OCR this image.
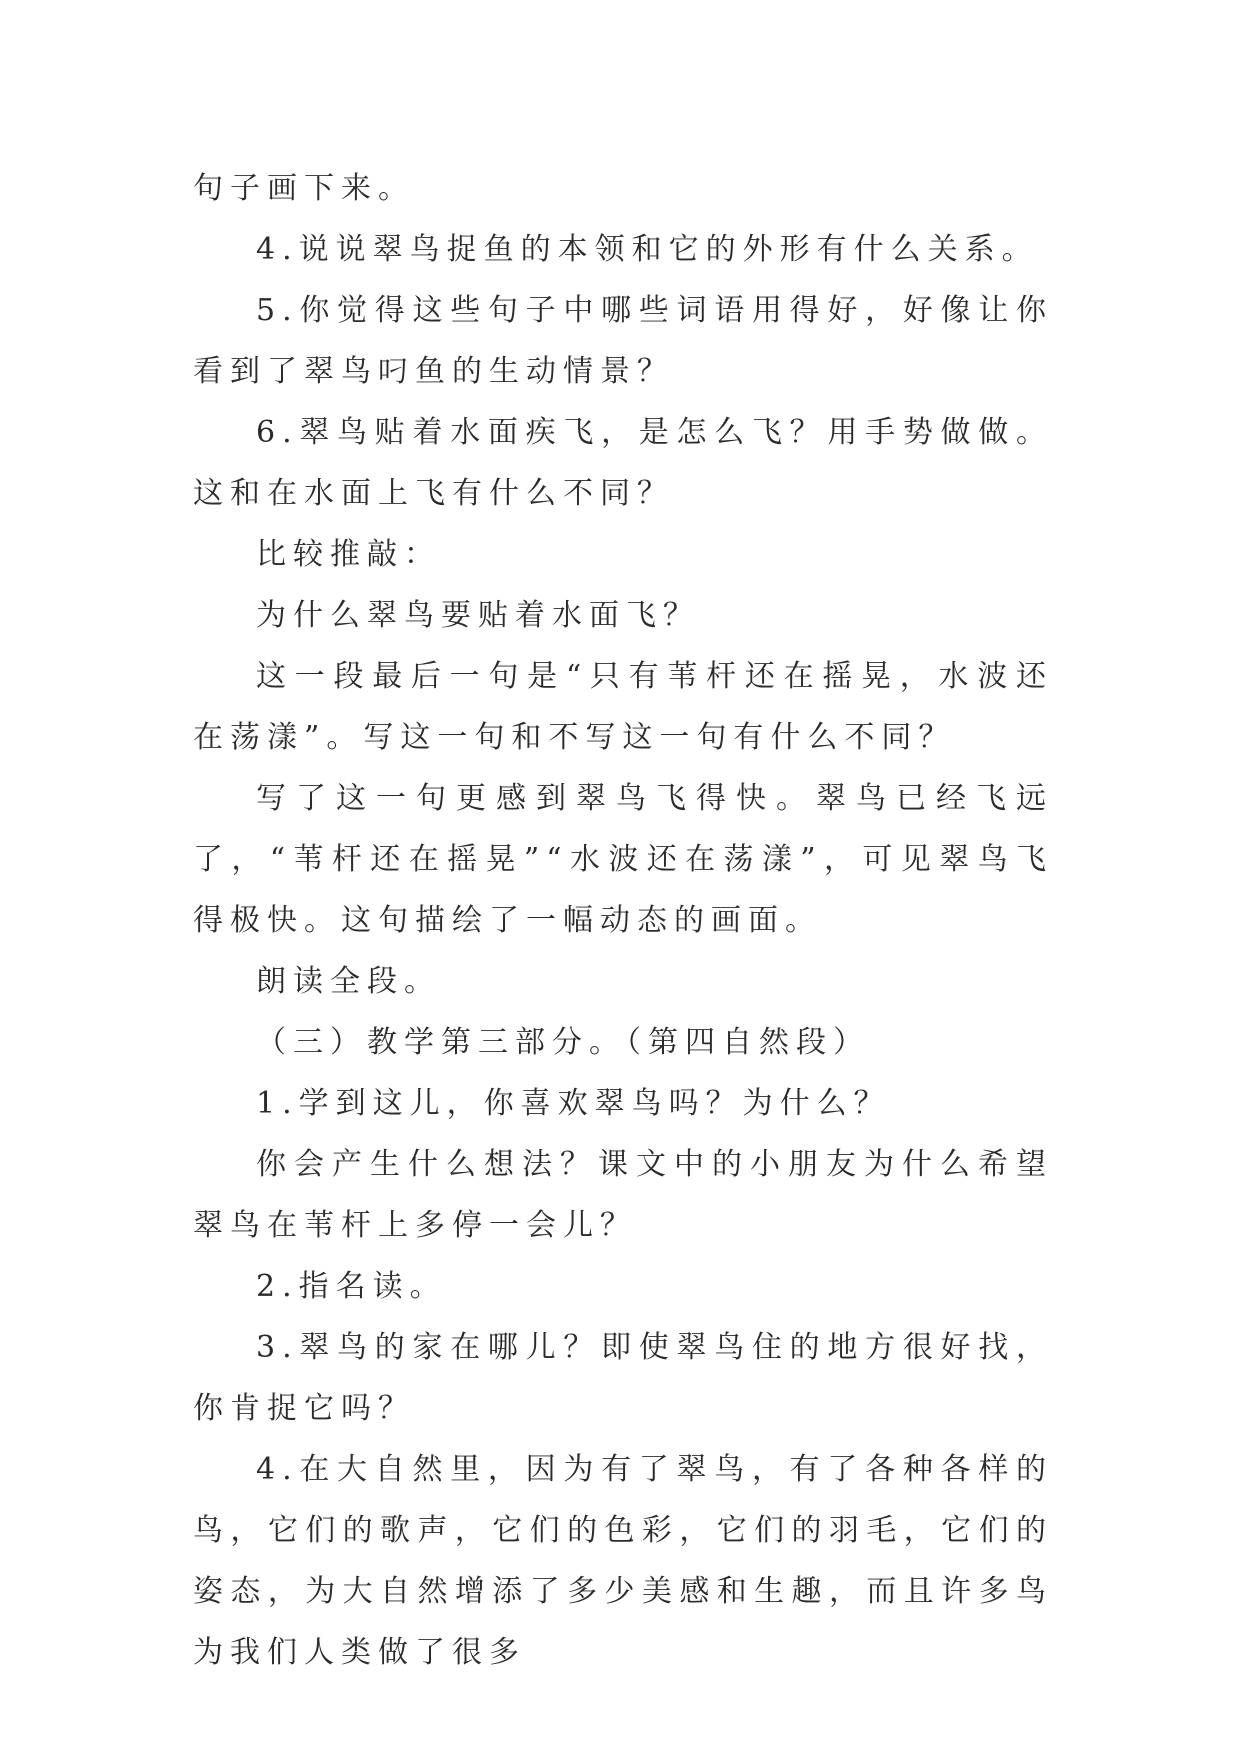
句子画下来。

4.说说翠鸟捉鱼的本领和它的外形有什么关系。

5.你觉得这些句子中哪些词语用得好，好像让你看到了翠鸟叼鱼的生动情景？

6.翠鸟贴着水面疾飞，是怎么飞？用手势做做。这和在水面上飞有什么不同？

比较推敲：

为什么翠鸟要贴着水面飞？

这一段最后一句是“只有苇杆还在摇晃，水波还在荡漾”。写这一句和不写这一句有什么不同？

写了这一句更感到翠鸟飞得快。翠鸟已经飞远了，“苇杆还在摇晃”“水波还在荡漾”，可见翠鸟飞得极快。这句描绘了一幅动态的画面。

朗读全段。

（三）教学第三部分。（第四自然段）

1.学到这儿，你喜欢翠鸟吗？为什么？

你会产生什么想法？课文中的小朋友为什么希望翠鸟在苇杆上多停一会儿？

2.指名读。

3.翠鸟的家在哪儿？即使翠鸟住的地方很好找，你肯捉它吗？

4.在大自然里，因为有了翠鸟，有了各种各样的鸟，它们的歌声，它们的色彩，它们的羽毛，它们的姿态，为大自然增添了多少美感和生趣，而且许多鸟为我们人类做了很多
